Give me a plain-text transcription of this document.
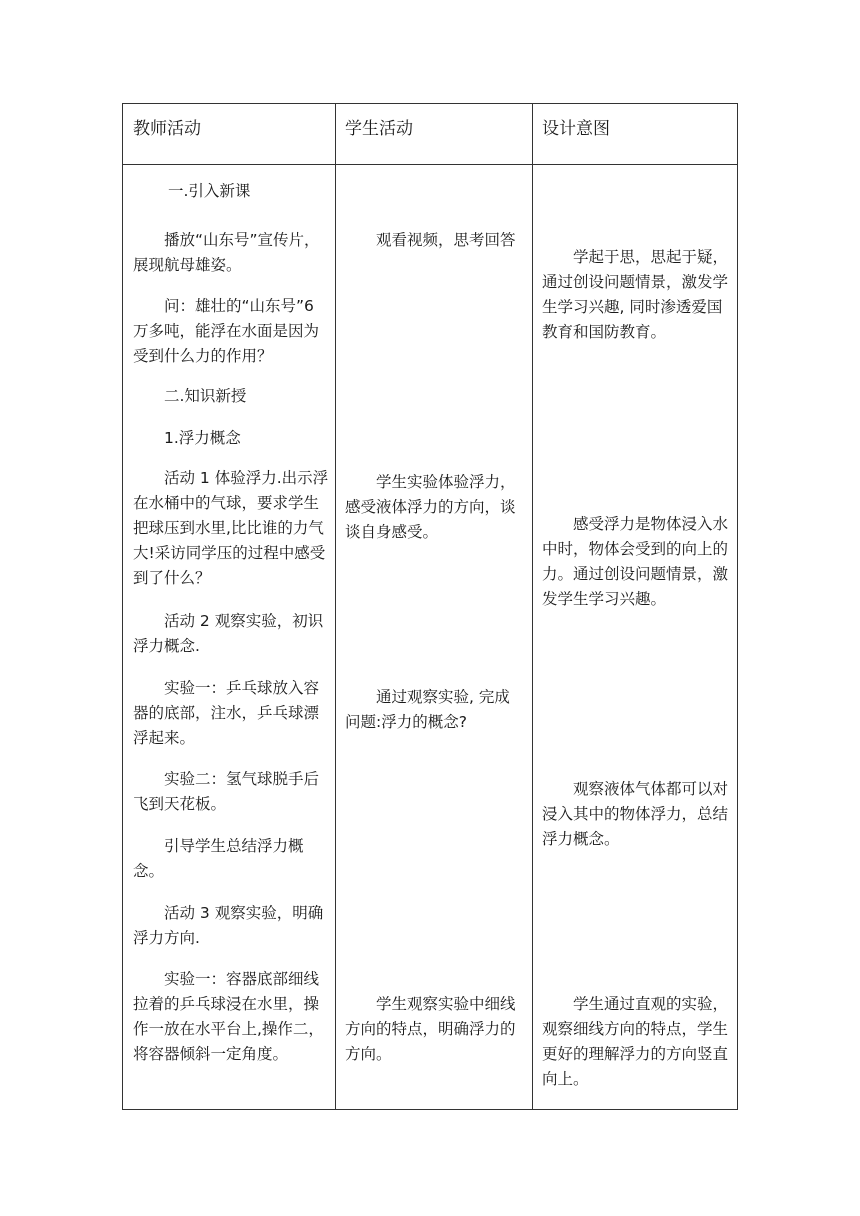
教师活动	学生活动	设计意图

一.引入新课

播放“山东号”宣传片，展现航母雄姿。

问：雄壮的“山东号”6万多吨，能浮在水面是因为受到什么力的作用？

二.知识新授

1.浮力概念

活动 1 体验浮力.出示浮在水桶中的气球，要求学生把球压到水里,比比谁的力气大!采访同学压的过程中感受到了什么？

活动 2 观察实验，初识浮力概念.

实验一：乒乓球放入容器的底部，注水，乒乓球漂浮起来。

实验二：氢气球脱手后飞到天花板。

引导学生总结浮力概念。

活动 3 观察实验，明确浮力方向.

实验一：容器底部细线拉着的乒乓球浸在水里，操作一放在水平台上,操作二，将容器倾斜一定角度。

观看视频，思考回答

学生实验体验浮力，感受液体浮力的方向，谈谈自身感受。

通过观察实验, 完成问题:浮力的概念?

学生观察实验中细线方向的特点，明确浮力的方向。

学起于思，思起于疑，通过创设问题情景，激发学生学习兴趣, 同时渗透爱国教育和国防教育。

感受浮力是物体浸入水中时，物体会受到的向上的力。通过创设问题情景，激发学生学习兴趣。

观察液体气体都可以对浸入其中的物体浮力，总结浮力概念。

学生通过直观的实验，观察细线方向的特点，学生更好的理解浮力的方向竖直向上。
